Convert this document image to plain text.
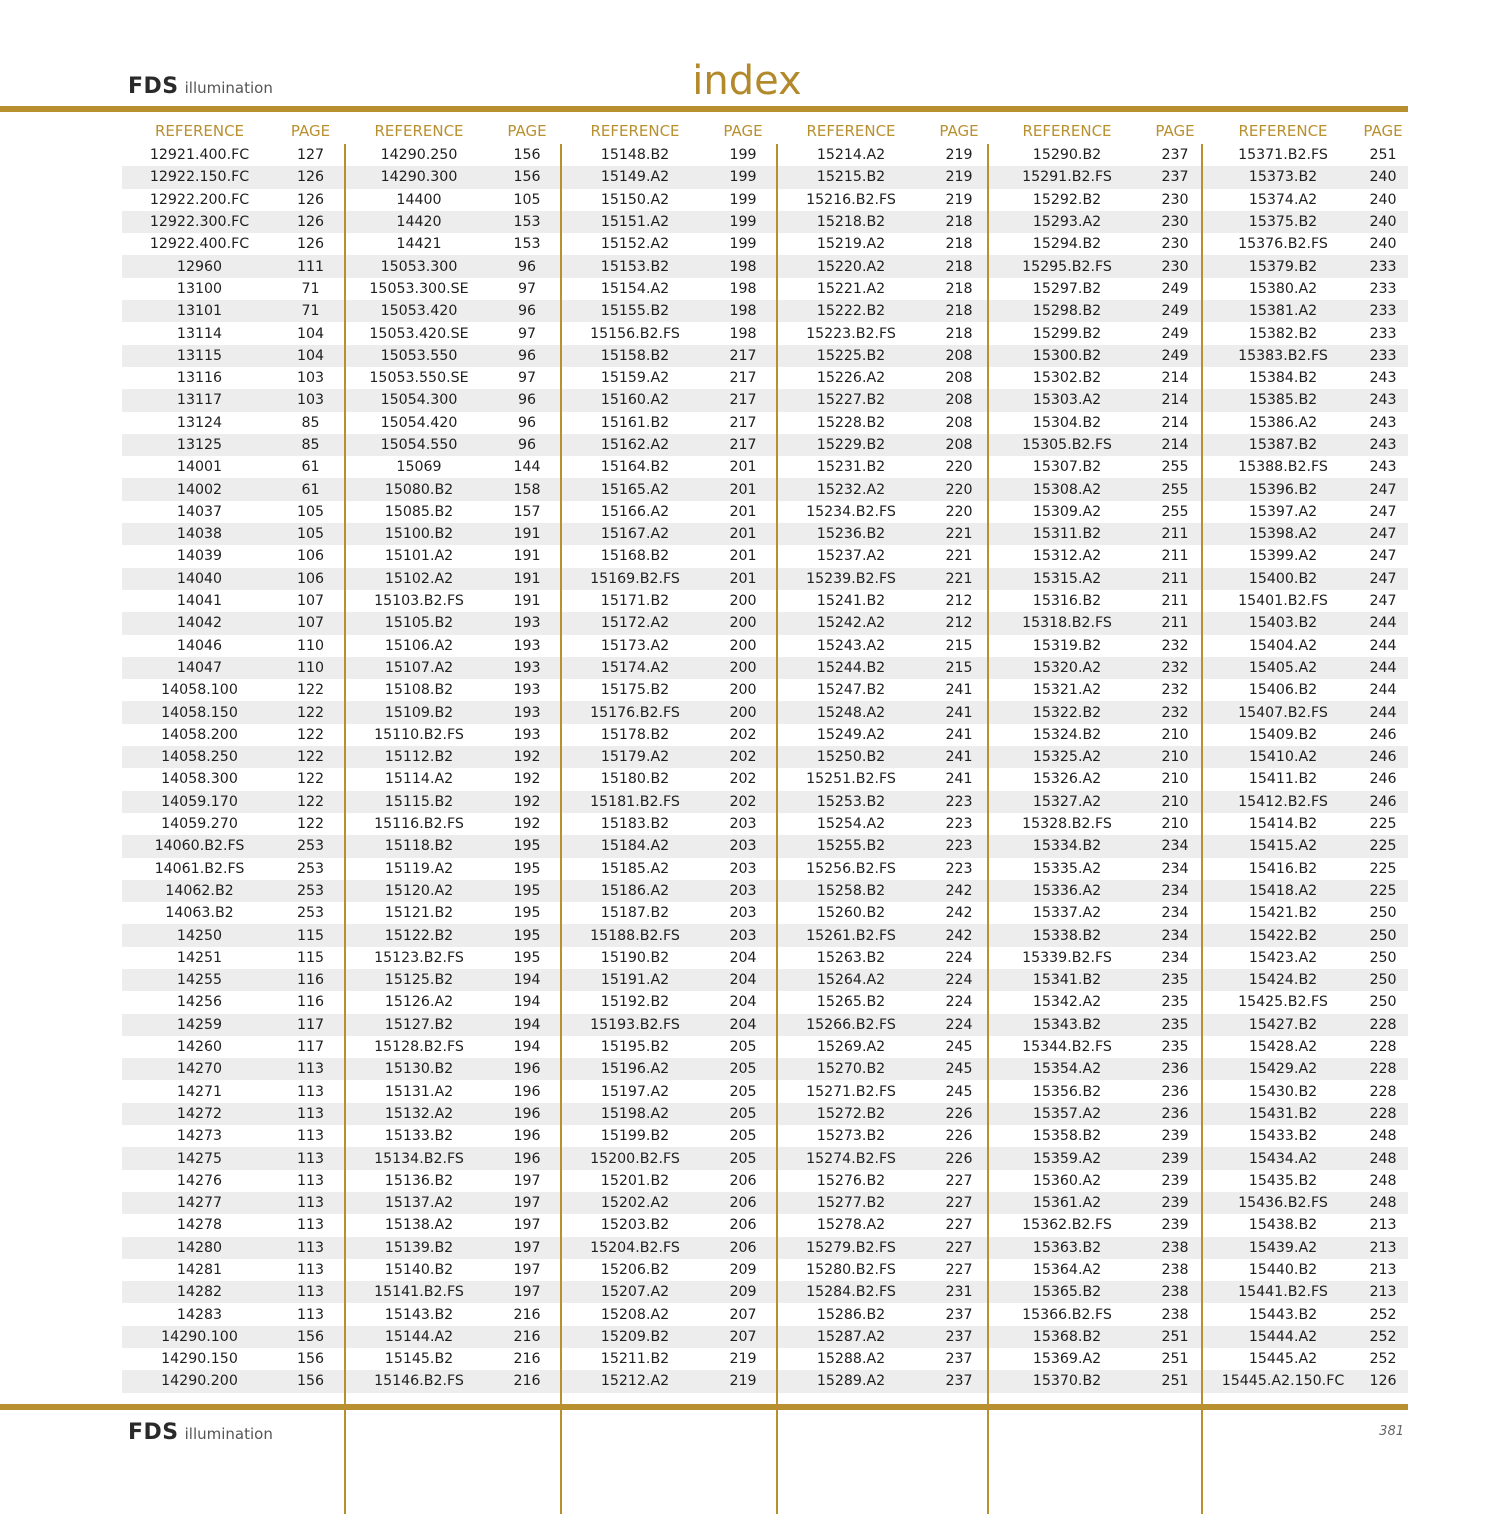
FDS illumination	index
REFERENCE	PAGE	REFERENCE	PAGE	REFERENCE	PAGE	REFERENCE	PAGE	REFERENCE	PAGE	REFERENCE	PAGE
12921.400.FC	127	14290.250	156	15148.B2	199	15214.A2	219	15290.B2	237	15371.B2.FS	251
12922.150.FC	126	14290.300	156	15149.A2	199	15215.B2	219	15291.B2.FS	237	15373.B2	240
12922.200.FC	126	14400	105	15150.A2	199	15216.B2.FS	219	15292.B2	230	15374.A2	240
12922.300.FC	126	14420	153	15151.A2	199	15218.B2	218	15293.A2	230	15375.B2	240
12922.400.FC	126	14421	153	15152.A2	199	15219.A2	218	15294.B2	230	15376.B2.FS	240
12960	111	15053.300	96	15153.B2	198	15220.A2	218	15295.B2.FS	230	15379.B2	233
13100	71	15053.300.SE	97	15154.A2	198	15221.A2	218	15297.B2	249	15380.A2	233
13101	71	15053.420	96	15155.B2	198	15222.B2	218	15298.B2	249	15381.A2	233
13114	104	15053.420.SE	97	15156.B2.FS	198	15223.B2.FS	218	15299.B2	249	15382.B2	233
13115	104	15053.550	96	15158.B2	217	15225.B2	208	15300.B2	249	15383.B2.FS	233
13116	103	15053.550.SE	97	15159.A2	217	15226.A2	208	15302.B2	214	15384.B2	243
13117	103	15054.300	96	15160.A2	217	15227.B2	208	15303.A2	214	15385.B2	243
13124	85	15054.420	96	15161.B2	217	15228.B2	208	15304.B2	214	15386.A2	243
13125	85	15054.550	96	15162.A2	217	15229.B2	208	15305.B2.FS	214	15387.B2	243
14001	61	15069	144	15164.B2	201	15231.B2	220	15307.B2	255	15388.B2.FS	243
14002	61	15080.B2	158	15165.A2	201	15232.A2	220	15308.A2	255	15396.B2	247
14037	105	15085.B2	157	15166.A2	201	15234.B2.FS	220	15309.A2	255	15397.A2	247
14038	105	15100.B2	191	15167.A2	201	15236.B2	221	15311.B2	211	15398.A2	247
14039	106	15101.A2	191	15168.B2	201	15237.A2	221	15312.A2	211	15399.A2	247
14040	106	15102.A2	191	15169.B2.FS	201	15239.B2.FS	221	15315.A2	211	15400.B2	247
14041	107	15103.B2.FS	191	15171.B2	200	15241.B2	212	15316.B2	211	15401.B2.FS	247
14042	107	15105.B2	193	15172.A2	200	15242.A2	212	15318.B2.FS	211	15403.B2	244
14046	110	15106.A2	193	15173.A2	200	15243.A2	215	15319.B2	232	15404.A2	244
14047	110	15107.A2	193	15174.A2	200	15244.B2	215	15320.A2	232	15405.A2	244
14058.100	122	15108.B2	193	15175.B2	200	15247.B2	241	15321.A2	232	15406.B2	244
14058.150	122	15109.B2	193	15176.B2.FS	200	15248.A2	241	15322.B2	232	15407.B2.FS	244
14058.200	122	15110.B2.FS	193	15178.B2	202	15249.A2	241	15324.B2	210	15409.B2	246
14058.250	122	15112.B2	192	15179.A2	202	15250.B2	241	15325.A2	210	15410.A2	246
14058.300	122	15114.A2	192	15180.B2	202	15251.B2.FS	241	15326.A2	210	15411.B2	246
14059.170	122	15115.B2	192	15181.B2.FS	202	15253.B2	223	15327.A2	210	15412.B2.FS	246
14059.270	122	15116.B2.FS	192	15183.B2	203	15254.A2	223	15328.B2.FS	210	15414.B2	225
14060.B2.FS	253	15118.B2	195	15184.A2	203	15255.B2	223	15334.B2	234	15415.A2	225
14061.B2.FS	253	15119.A2	195	15185.A2	203	15256.B2.FS	223	15335.A2	234	15416.B2	225
14062.B2	253	15120.A2	195	15186.A2	203	15258.B2	242	15336.A2	234	15418.A2	225
14063.B2	253	15121.B2	195	15187.B2	203	15260.B2	242	15337.A2	234	15421.B2	250
14250	115	15122.B2	195	15188.B2.FS	203	15261.B2.FS	242	15338.B2	234	15422.B2	250
14251	115	15123.B2.FS	195	15190.B2	204	15263.B2	224	15339.B2.FS	234	15423.A2	250
14255	116	15125.B2	194	15191.A2	204	15264.A2	224	15341.B2	235	15424.B2	250
14256	116	15126.A2	194	15192.B2	204	15265.B2	224	15342.A2	235	15425.B2.FS	250
14259	117	15127.B2	194	15193.B2.FS	204	15266.B2.FS	224	15343.B2	235	15427.B2	228
14260	117	15128.B2.FS	194	15195.B2	205	15269.A2	245	15344.B2.FS	235	15428.A2	228
14270	113	15130.B2	196	15196.A2	205	15270.B2	245	15354.A2	236	15429.A2	228
14271	113	15131.A2	196	15197.A2	205	15271.B2.FS	245	15356.B2	236	15430.B2	228
14272	113	15132.A2	196	15198.A2	205	15272.B2	226	15357.A2	236	15431.B2	228
14273	113	15133.B2	196	15199.B2	205	15273.B2	226	15358.B2	239	15433.B2	248
14275	113	15134.B2.FS	196	15200.B2.FS	205	15274.B2.FS	226	15359.A2	239	15434.A2	248
14276	113	15136.B2	197	15201.B2	206	15276.B2	227	15360.A2	239	15435.B2	248
14277	113	15137.A2	197	15202.A2	206	15277.B2	227	15361.A2	239	15436.B2.FS	248
14278	113	15138.A2	197	15203.B2	206	15278.A2	227	15362.B2.FS	239	15438.B2	213
14280	113	15139.B2	197	15204.B2.FS	206	15279.B2.FS	227	15363.B2	238	15439.A2	213
14281	113	15140.B2	197	15206.B2	209	15280.B2.FS	227	15364.A2	238	15440.B2	213
14282	113	15141.B2.FS	197	15207.A2	209	15284.B2.FS	231	15365.B2	238	15441.B2.FS	213
14283	113	15143.B2	216	15208.A2	207	15286.B2	237	15366.B2.FS	238	15443.B2	252
14290.100	156	15144.A2	216	15209.B2	207	15287.A2	237	15368.B2	251	15444.A2	252
14290.150	156	15145.B2	216	15211.B2	219	15288.A2	237	15369.A2	251	15445.A2	252
14290.200	156	15146.B2.FS	216	15212.A2	219	15289.A2	237	15370.B2	251	15445.A2.150.FC	126
FDS illumination	381
